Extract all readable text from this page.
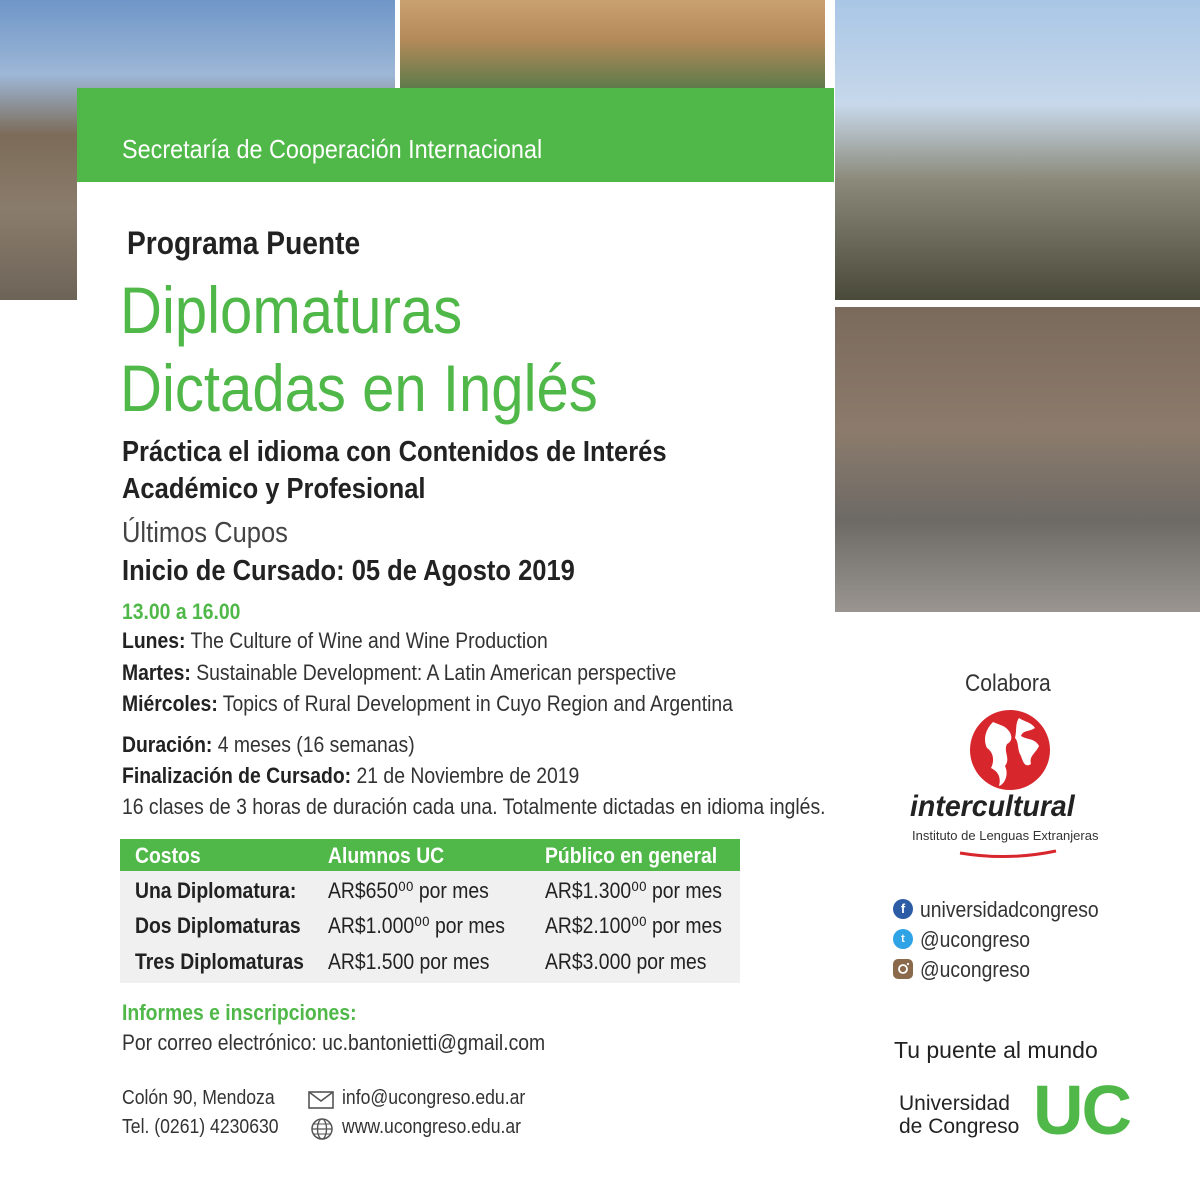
Secretaría de Cooperación Internacional
Programa Puente
Diplomaturas
Dictadas en Inglés
Práctica el idioma con Contenidos de Interés
Académico y Profesional
Últimos Cupos
Inicio de Cursado: 05 de Agosto 2019
13.00 a 16.00
Lunes: The Culture of Wine and Wine Production
Martes: Sustainable Development: A Latin American perspective
Miércoles: Topics of Rural Development in Cuyo Region and Argentina
Duración: 4 meses (16 semanas)
Finalización de Cursado: 21 de Noviembre de 2019
16 clases de 3 horas de duración cada una. Totalmente dictadas en idioma inglés.
Costos	Alumnos UC	Público en general
Una Diplomatura: AR$650⁰⁰ por mes	AR$1.300⁰⁰ por mes
Dos Diplomaturas AR$1.000⁰⁰ por mes AR$2.100⁰⁰ por mes
Tres Diplomaturas AR$1.500 por mes	AR$3.000 por mes
Informes e inscripciones:
Por correo electrónico: uc.bantonietti@gmail.com
Colón 90, Mendoza
Tel. (0261) 4230630
info@ucongreso.edu.ar
www.ucongreso.edu.ar
Colabora
intercultural
Instituto de Lenguas Extranjeras
f universidadcongreso
t @ucongreso
@ucongreso
Tu puente al mundo
Universidad
de Congreso UC
